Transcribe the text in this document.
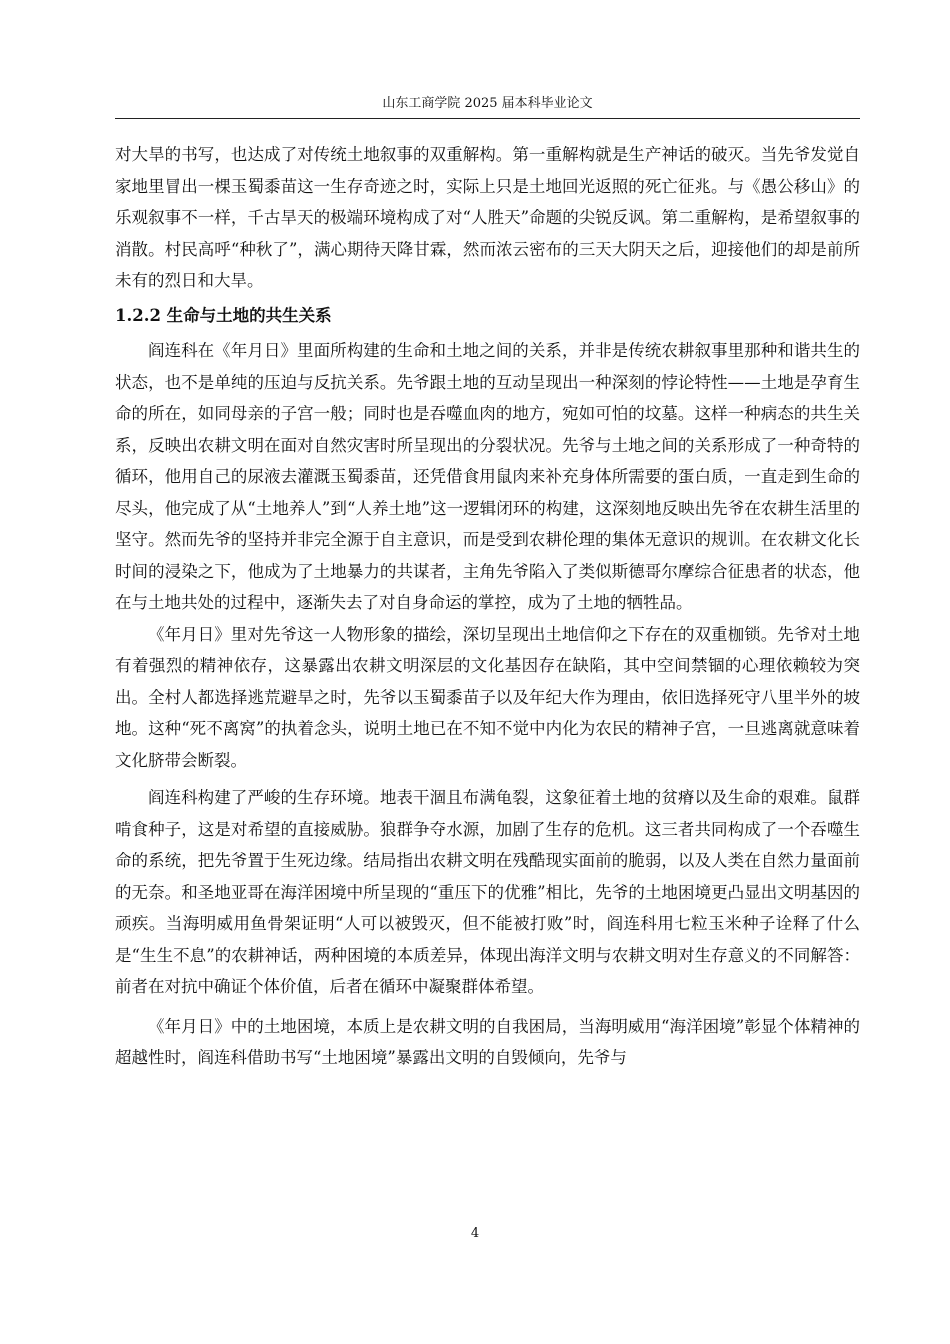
山东工商学院 2025 届本科毕业论文

对大旱的书写，也达成了对传统土地叙事的双重解构。第一重解构就是生产神话的破灭。当先爷发觉自家地里冒出一棵玉蜀黍苗这一生存奇迹之时，实际上只是土地回光返照的死亡征兆。与《愚公移山》的乐观叙事不一样，千古旱天的极端环境构成了对“人胜天”命题的尖锐反讽。第二重解构，是希望叙事的消散。村民高呼“种秋了”，满心期待天降甘霖，然而浓云密布的三天大阴天之后，迎接他们的却是前所未有的烈日和大旱。

1.2.2 生命与土地的共生关系

阎连科在《年月日》里面所构建的生命和土地之间的关系，并非是传统农耕叙事里那种和谐共生的状态，也不是单纯的压迫与反抗关系。先爷跟土地的互动呈现出一种深刻的悖论特性——土地是孕育生命的所在，如同母亲的子宫一般；同时也是吞噬血肉的地方，宛如可怕的坟墓。这样一种病态的共生关系，反映出农耕文明在面对自然灾害时所呈现出的分裂状况。先爷与土地之间的关系形成了一种奇特的循环，他用自己的尿液去灌溉玉蜀黍苗，还凭借食用鼠肉来补充身体所需要的蛋白质，一直走到生命的尽头，他完成了从“土地养人”到“人养土地”这一逻辑闭环的构建，这深刻地反映出先爷在农耕生活里的坚守。然而先爷的坚持并非完全源于自主意识，而是受到农耕伦理的集体无意识的规训。在农耕文化长时间的浸染之下，他成为了土地暴力的共谋者，主角先爷陷入了类似斯德哥尔摩综合征患者的状态，他在与土地共处的过程中，逐渐失去了对自身命运的掌控，成为了土地的牺牲品。

《年月日》里对先爷这一人物形象的描绘，深切呈现出土地信仰之下存在的双重枷锁。先爷对土地有着强烈的精神依存，这暴露出农耕文明深层的文化基因存在缺陷，其中空间禁锢的心理依赖较为突出。全村人都选择逃荒避旱之时，先爷以玉蜀黍苗子以及年纪大作为理由，依旧选择死守八里半外的坡地。这种“死不离窝”的执着念头，说明土地已在不知不觉中内化为农民的精神子宫，一旦逃离就意味着文化脐带会断裂。

阎连科构建了严峻的生存环境。地表干涸且布满龟裂，这象征着土地的贫瘠以及生命的艰难。鼠群啃食种子，这是对希望的直接威胁。狼群争夺水源，加剧了生存的危机。这三者共同构成了一个吞噬生命的系统，把先爷置于生死边缘。结局指出农耕文明在残酷现实面前的脆弱，以及人类在自然力量面前的无奈。和圣地亚哥在海洋困境中所呈现的“重压下的优雅”相比，先爷的土地困境更凸显出文明基因的顽疾。当海明威用鱼骨架证明“人可以被毁灭，但不能被打败”时，阎连科用七粒玉米种子诠释了什么是“生生不息”的农耕神话，两种困境的本质差异，体现出海洋文明与农耕文明对生存意义的不同解答：前者在对抗中确证个体价值，后者在循环中凝聚群体希望。

《年月日》中的土地困境，本质上是农耕文明的自我困局，当海明威用“海洋困境”彰显个体精神的超越性时，阎连科借助书写“土地困境”暴露出文明的自毁倾向，先爷与

4
